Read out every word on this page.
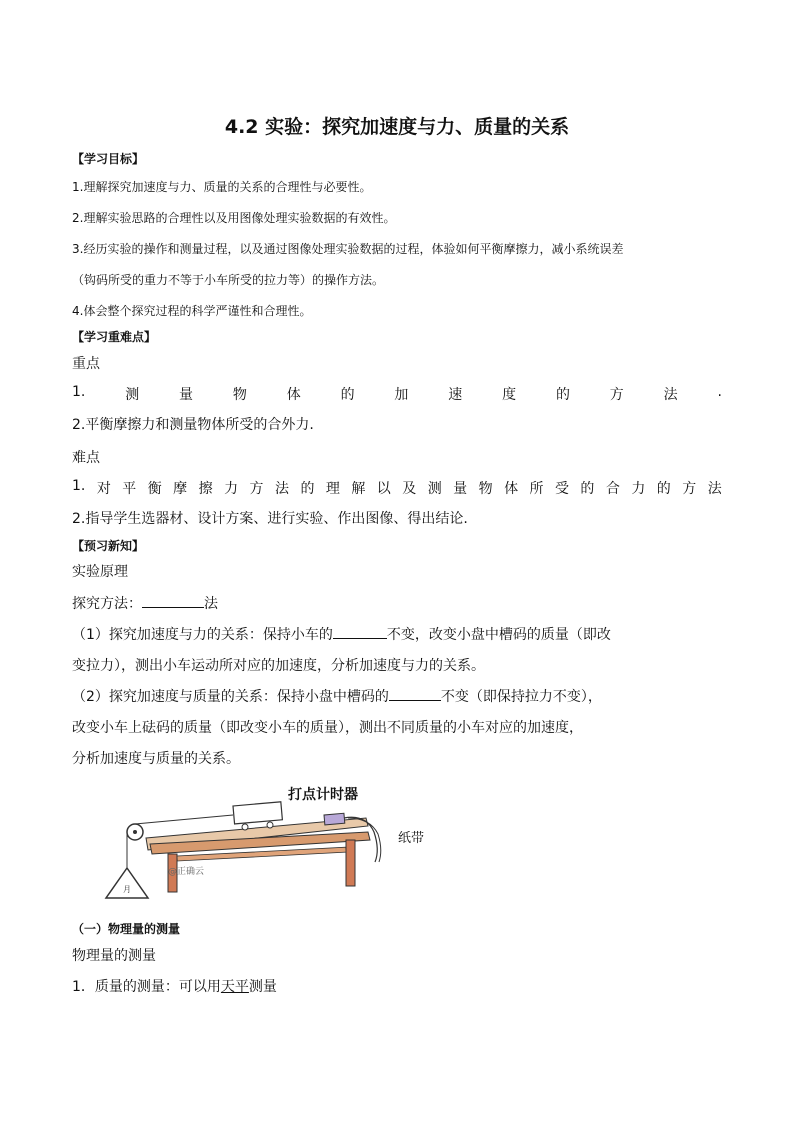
4.2 实验：探究加速度与力、质量的关系
【学习目标】
1.理解探究加速度与力、质量的关系的合理性与必要性。
2.理解实验思路的合理性以及用图像处理实验数据的有效性。
3.经历实验的操作和测量过程，以及通过图像处理实验数据的过程，体验如何平衡摩擦力，减小系统误差
（钩码所受的重力不等于小车所受的拉力等）的操作方法。
4.体会整个探究过程的科学严谨性和合理性。
【学习重难点】
重点
1.	测	量	物	体	的	加	速	度	的	方	法	.
2.平衡摩擦力和测量物体所受的合外力.
难点
1. 对 平 衡 摩 擦 力 方 法 的 理 解 以 及 测 量 物 体 所 受 的 合 力 的 方 法
2.指导学生选器材、设计方案、进行实验、作出图像、得出结论.
【预习新知】
实验原理
探究方法：	法
（1）探究加速度与力的关系：保持小车的	不变，改变小盘中槽码的质量（即改
变拉力），测出小车运动所对应的加速度，分析加速度与力的关系。
（2）探究加速度与质量的关系：保持小盘中槽码的	不变（即保持拉力不变），
改变小车上砝码的质量（即改变小车的质量），测出不同质量的小车对应的加速度，
分析加速度与质量的关系。
月
打点计时器
纸带
@正确云
（一）物理量的测量
物理量的测量
1．质量的测量：可以用天平测量
